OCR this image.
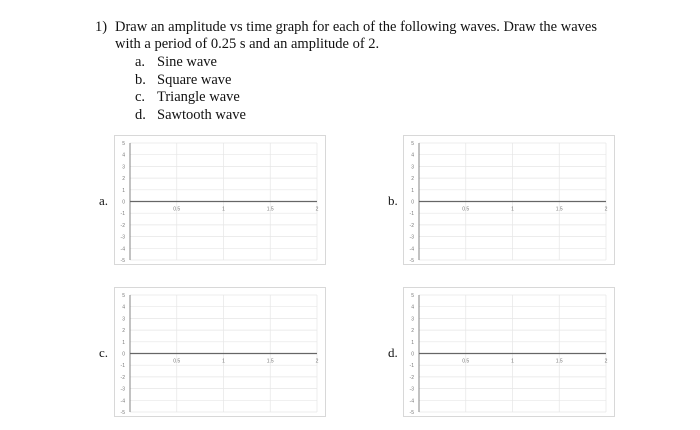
1) Draw an amplitude vs time graph for each of the following waves. Draw the waves
with a period of 0.25 s and an amplitude of 2.
a. Sine wave
b. Square wave
c. Triangle wave
d. Sawtooth wave
a.
5
4
3
2
1
0
-1
-2
-3
-4
-5
0.5	1	1.5	2
b.
5
4
3
2
1
0
-1
-2
-3
-4
-5
0.5	1	1.5	2
c.
5
4
3
2
1
0
-1
-2
-3
-4
-5
0.5	1	1.5	2
d.
5
4
3
2
1
0
-1
-2
-3
-4
-5
0.5	1	1.5	2
